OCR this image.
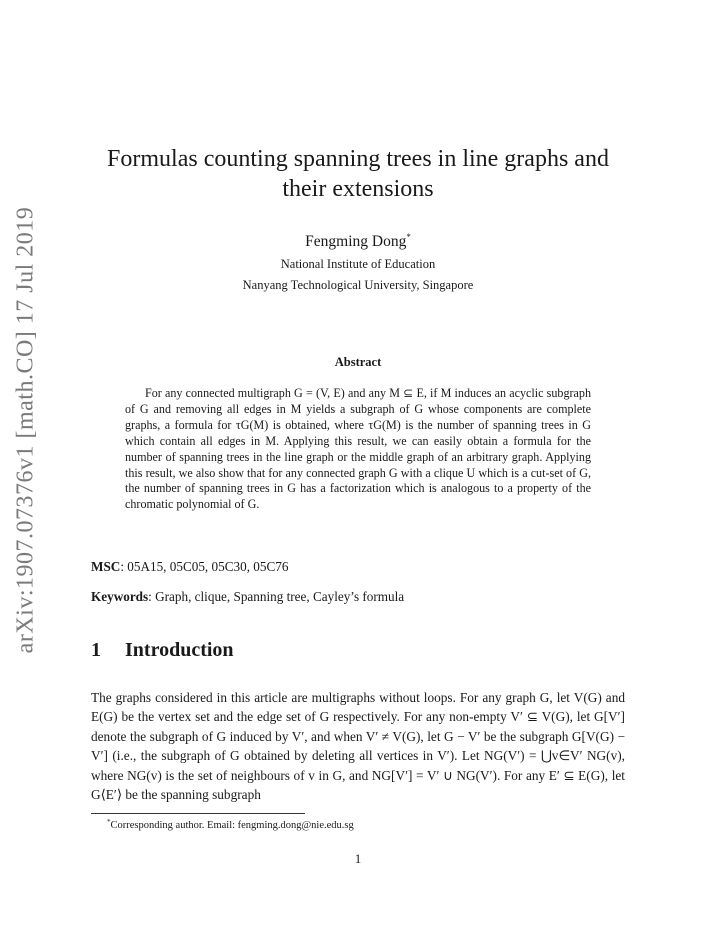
arXiv:1907.07376v1 [math.CO] 17 Jul 2019
Formulas counting spanning trees in line graphs and their extensions
Fengming Dong*
National Institute of Education
Nanyang Technological University, Singapore
Abstract

For any connected multigraph G = (V, E) and any M ⊆ E, if M induces an acyclic subgraph of G and removing all edges in M yields a subgraph of G whose components are complete graphs, a formula for τG(M) is obtained, where τG(M) is the number of spanning trees in G which contain all edges in M. Applying this result, we can easily obtain a formula for the number of spanning trees in the line graph or the middle graph of an arbitrary graph. Applying this result, we also show that for any connected graph G with a clique U which is a cut-set of G, the number of spanning trees in G has a factorization which is analogous to a property of the chromatic polynomial of G.

MSC: 05A15, 05C05, 05C30, 05C76
Keywords: Graph, clique, Spanning tree, Cayley’s formula
1 Introduction

The graphs considered in this article are multigraphs without loops. For any graph G, let V(G) and E(G) be the vertex set and the edge set of G respectively. For any non-empty V′ ⊆ V(G), let G[V′] denote the subgraph of G induced by V′, and when V′ ≠ V(G), let G − V′ be the subgraph G[V(G) − V′] (i.e., the subgraph of G obtained by deleting all vertices in V′). Let NG(V′) = ⋃v∈V′ NG(v), where NG(v) is the set of neighbours of v in G, and NG[V′] = V′ ∪ NG(V′). For any E′ ⊆ E(G), let G⟨E′⟩ be the spanning subgraph

*Corresponding author. Email: fengming.dong@nie.edu.sg
1
